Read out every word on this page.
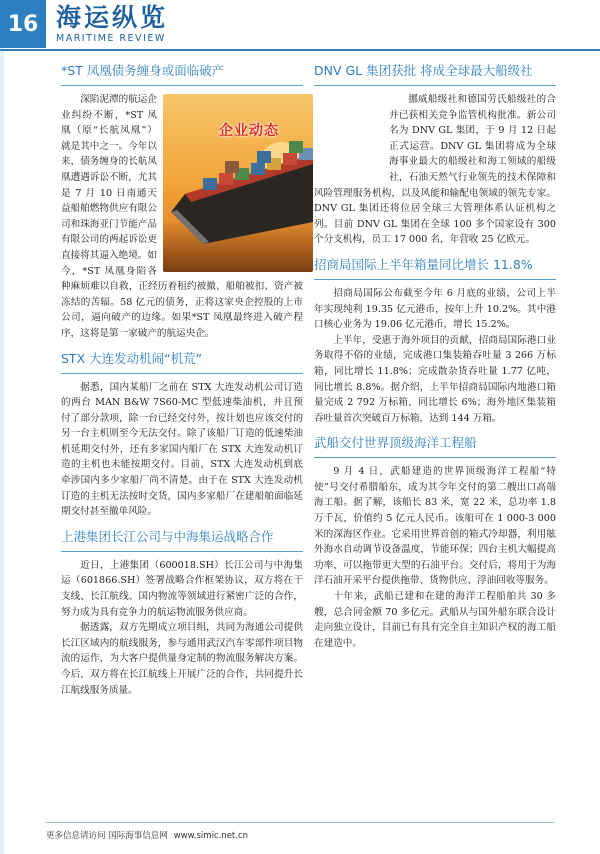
16 海运纵览
MARITIME REVIEW
*ST 凤凰债务缠身或面临破产
企业动态

深陷泥潭的航运企业纠纷不断，*ST 凤凰（原“长航凤凰”）就是其中之一。今年以来，债务缠身的长航凤凰遭遇诉讼不断，尤其是 7 月 10 日南通天益船舶燃物供应有限公司和珠海亚门节能产品有限公司的两起诉讼更直接将其逼入绝境。如今，*ST 凤凰身陷各种麻烦难以自救，正经历着租约被撤、船舶被扣、资产被冻结的苦辐。58 亿元的债务，正将这家央企控股的上市公司，逼向破产的边缘。如果*ST 凤凰最终进入破产程序，这将是第一家破产的航运央企。

STX 大连发动机闹“机荒”

据悉，国内某船厂之前在 STX 大连发动机公司订造的两台 MAN B&W 7S60-MC 型低速柴油机，并且预付了部分款项，除一台已经交付外，按计划也应该交付的另一台主机则至今无法交付。除了该船厂订造的低速柴油机延期交付外，还有多家国内船厂在 STX 大连发动机订造的主机也未能按期交付。目前，STX 大连发动机到底牵涉国内多少家船厂尚不清楚。由于在 STX 大连发动机订造的主机无法按时交货，国内多家船厂在建船舶面临延期交付甚至撤单风险。

上港集团长江公司与中海集运战略合作

近日，上港集团（600018.SH）长江公司与中海集运（601866.SH）签署战略合作框架协议，双方将在干支线、长江航线、国内物流等领域进行紧密广泛的合作，努力成为具有竞争力的航运物流服务供应商。

据透露，双方先期成立项目组，共同为海通公司提供长江区域内的航线服务，参与通用武汉汽车零部件项目物流的运作，为大客户提供量身定制的物流服务解决方案。今后，双方将在长江航线上开展广泛的合作，共同提升长江航线服务质量。

DNV GL 集团获批 将成全球最大船级社

挪威船级社和德国劳氏船级社的合并已获相关竞争监管机构批准。新公司名为 DNV GL 集团，于 9 月 12 日起正式运营。DNV GL 集团将成为全球海事业最大的船级社和海工领域的船级社，石油天然气行业领先的技术保障和风险管理服务机构，以及风能和输配电领域的领先专家。DNV GL 集团还将位居全球三大管理体系认证机构之列。目前 DNV GL 集团在全球 100 多个国家设有 300 个分支机构，员工 17 000 名，年营收 25 亿欧元。

招商局国际上半年箱量同比增长 11.8%

招商局国际公布截至今年 6 月底的业绩，公司上半年实现纯利 19.35 亿元港币，按年上升 10.2%。其中港口核心业务为 19.06 亿元港币，增长 15.2%。

上半年，受惠于海外项目的贡献，招商局国际港口业务取得不俗的业绩，完成港口集装箱吞吐量 3 266 万标箱，同比增长 11.8%；完成散杂货吞吐量 1.77 亿吨，同比增长 8.8%。据介绍，上半年招商局国际内地港口箱量完成 2 792 万标箱，同比增长 6%；海外地区集装箱吞吐量首次突破百万标箱，达到 144 万箱。

武船交付世界顶级海洋工程船

9 月 4 日，武船建造的世界顶级海洋工程船“特使”号交付希腊船东，成为其今年交付的第二艘出口高端海工船。据了解，该船长 83 米，宽 22 米，总功率 1.8 万千瓦，价值约 5 亿元人民币。该船可在 1 000-3 000 米的深海区作业。它采用世界首创的箱式冷却器，利用舷外海水自动调节设备温度，节能环保；四台主机大幅提高功率，可以拖带更大型的石油平台。交付后，将用于为海洋石油开采平台提供拖带、货物供应、浮油回收等服务。

十年来，武船已建和在建的海洋工程船舶共 30 多艘，总合同金额 70 多亿元。武船从与国外船东联合设计走向独立设计，目前已有具有完全自主知识产权的海工船在建造中。

更多信息请访问 国际海事信息网 www.simic.net.cn
